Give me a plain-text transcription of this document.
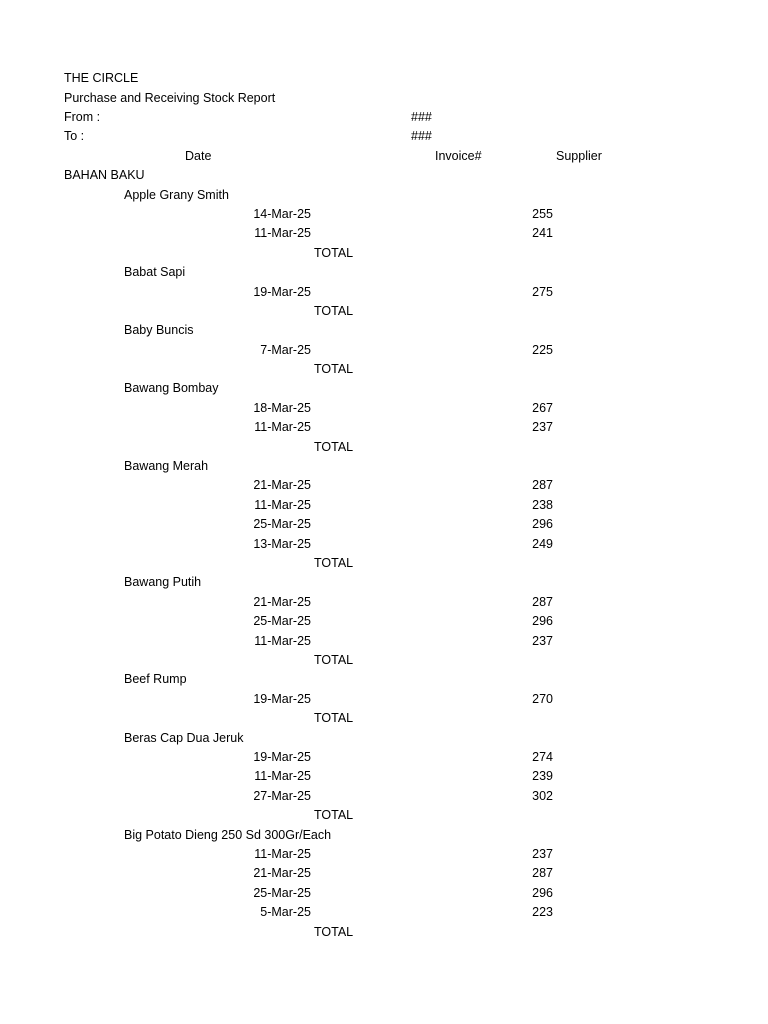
THE CIRCLE
Purchase and Receiving Stock Report
From :	###
To :	###
Date	Invoice#	Supplier
BAHAN BAKU
Apple Grany Smith
14-Mar-25	255
11-Mar-25	241
TOTAL
Babat Sapi
19-Mar-25	275
TOTAL
Baby Buncis
7-Mar-25	225
TOTAL
Bawang Bombay
18-Mar-25	267
11-Mar-25	237
TOTAL
Bawang Merah
21-Mar-25	287
11-Mar-25	238
25-Mar-25	296
13-Mar-25	249
TOTAL
Bawang Putih
21-Mar-25	287
25-Mar-25	296
11-Mar-25	237
TOTAL
Beef Rump
19-Mar-25	270
TOTAL
Beras Cap Dua Jeruk
19-Mar-25	274
11-Mar-25	239
27-Mar-25	302
TOTAL
Big Potato Dieng 250 Sd 300Gr/Each
11-Mar-25	237
21-Mar-25	287
25-Mar-25	296
5-Mar-25	223
TOTAL
